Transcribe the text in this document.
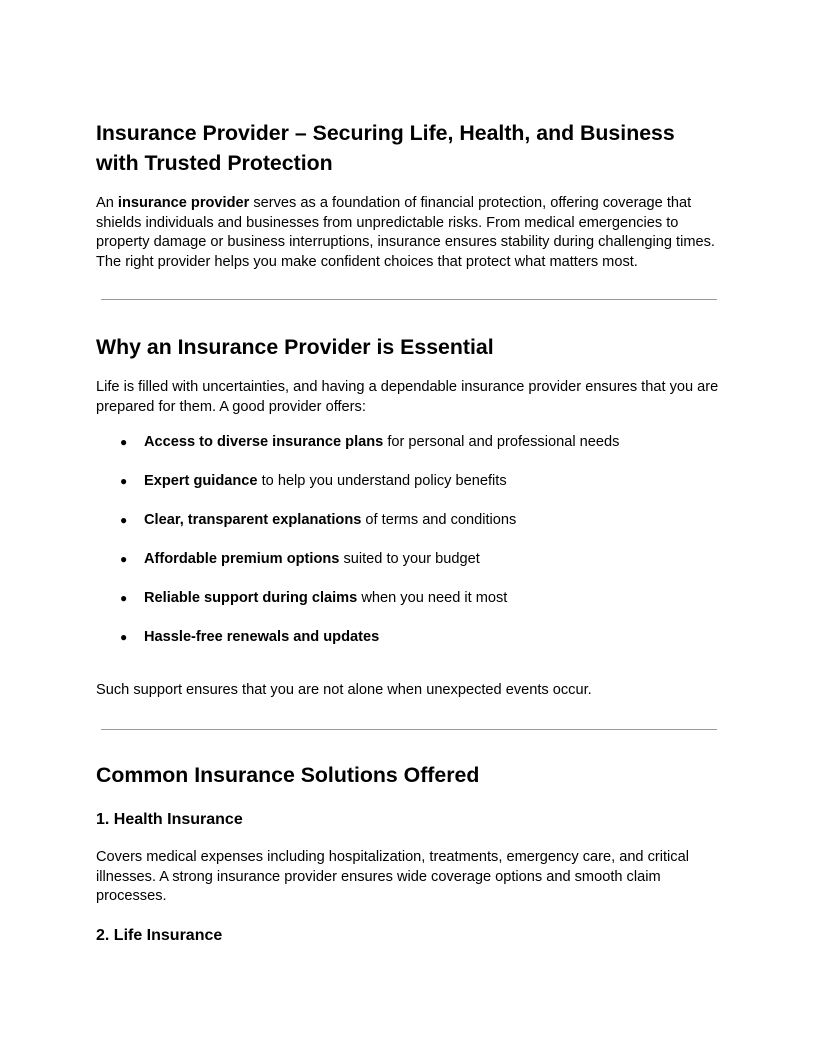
Insurance Provider – Securing Life, Health, and Business with Trusted Protection

An insurance provider serves as a foundation of financial protection, offering coverage that shields individuals and businesses from unpredictable risks. From medical emergencies to property damage or business interruptions, insurance ensures stability during challenging times. The right provider helps you make confident choices that protect what matters most.

Why an Insurance Provider is Essential

Life is filled with uncertainties, and having a dependable insurance provider ensures that you are prepared for them. A good provider offers:

● Access to diverse insurance plans for personal and professional needs
● Expert guidance to help you understand policy benefits
● Clear, transparent explanations of terms and conditions
● Affordable premium options suited to your budget
● Reliable support during claims when you need it most
● Hassle-free renewals and updates

Such support ensures that you are not alone when unexpected events occur.

Common Insurance Solutions Offered
1. Health Insurance

Covers medical expenses including hospitalization, treatments, emergency care, and critical illnesses. A strong insurance provider ensures wide coverage options and smooth claim processes.

2. Life Insurance
